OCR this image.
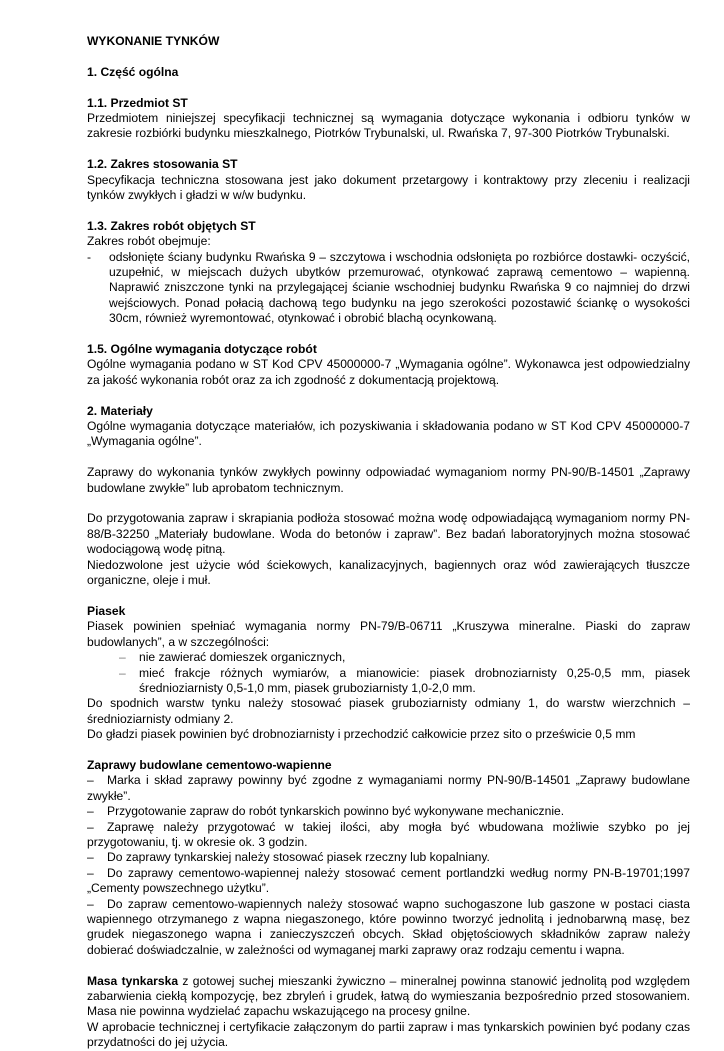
WYKONANIE TYNKÓW

1. Część ogólna

1.1. Przedmiot ST

Przedmiotem niniejszej specyfikacji technicznej są wymagania dotyczące wykonania i odbioru tynków w zakresie rozbiórki budynku mieszkalnego, Piotrków Trybunalski, ul. Rwańska 7, 97-300 Piotrków Trybunalski.

1.2. Zakres stosowania ST

Specyfikacja techniczna stosowana jest jako dokument przetargowy i kontraktowy przy zleceniu i realizacji tynków zwykłych i gładzi w w/w budynku.

1.3. Zakres robót objętych ST

Zakres robót obejmuje:

- odsłonięte ściany budynku Rwańska 9 – szczytowa i wschodnia odsłonięta po rozbiórce dostawki- oczyścić, uzupełnić, w miejscach dużych ubytków przemurować, otynkować zaprawą cementowo – wapienną. Naprawić zniszczone tynki na przylegającej ścianie wschodniej budynku Rwańska 9 co najmniej do drzwi wejściowych. Ponad połacią dachową tego budynku na jego szerokości pozostawić ściankę o wysokości 30cm, również wyremontować, otynkować i obrobić blachą ocynkowaną.

1.5. Ogólne wymagania dotyczące robót

Ogólne wymagania podano w ST Kod CPV 45000000-7 „Wymagania ogólne”. Wykonawca jest odpowiedzialny za jakość wykonania robót oraz za ich zgodność z dokumentacją projektową.

2. Materiały

Ogólne wymagania dotyczące materiałów, ich pozyskiwania i składowania podano w ST Kod CPV 45000000-7 „Wymagania ogólne”.

Zaprawy do wykonania tynków zwykłych powinny odpowiadać wymaganiom normy PN-90/B-14501 „Zaprawy budowlane zwykłe” lub aprobatom technicznym.

Do przygotowania zapraw i skrapiania podłoża stosować można wodę odpowiadającą wymaganiom normy PN-88/B-32250 „Materiały budowlane. Woda do betonów i zapraw”. Bez badań laboratoryjnych można stosować wodociągową wodę pitną.

Niedozwolone jest użycie wód ściekowych, kanalizacyjnych, bagiennych oraz wód zawierających tłuszcze organiczne, oleje i muł.

Piasek

Piasek powinien spełniać wymagania normy PN-79/B-06711 „Kruszywa mineralne. Piaski do zapraw budowlanych”, a w szczególności:

– nie zawierać domieszek organicznych,
– mieć frakcje różnych wymiarów, a mianowicie: piasek drobnoziarnisty 0,25-0,5 mm, piasek średnioziarnisty 0,5-1,0 mm, piasek gruboziarnisty 1,0-2,0 mm.

Do spodnich warstw tynku należy stosować piasek gruboziarnisty odmiany 1, do warstw wierzchnich – średnioziarnisty odmiany 2.

Do gładzi piasek powinien być drobnoziarnisty i przechodzić całkowicie przez sito o prześwicie 0,5 mm

Zaprawy budowlane cementowo-wapienne

– Marka i skład zaprawy powinny być zgodne z wymaganiami normy PN-90/B-14501 „Zaprawy budowlane zwykłe”.

– Przygotowanie zapraw do robót tynkarskich powinno być wykonywane mechanicznie.

– Zaprawę należy przygotować w takiej ilości, aby mogła być wbudowana możliwie szybko po jej przygotowaniu, tj. w okresie ok. 3 godzin.

– Do zaprawy tynkarskiej należy stosować piasek rzeczny lub kopalniany.

– Do zaprawy cementowo-wapiennej należy stosować cement portlandzki według normy PN-B-19701;1997 „Cementy powszechnego użytku”.

– Do zapraw cementowo-wapiennych należy stosować wapno suchogaszone lub gaszone w postaci ciasta wapiennego otrzymanego z wapna niegaszonego, które powinno tworzyć jednolitą i jednobarwną masę, bez grudek niegaszonego wapna i zanieczyszczeń obcych. Skład objętościowych składników zapraw należy dobierać doświadczalnie, w zależności od wymaganej marki zaprawy oraz rodzaju cementu i wapna.

Masa tynkarska z gotowej suchej mieszanki żywiczno – mineralnej powinna stanowić jednolitą pod względem zabarwienia ciekłą kompozycję, bez zbryleń i grudek, łatwą do wymieszania bezpośrednio przed stosowaniem. Masa nie powinna wydzielać zapachu wskazującego na procesy gnilne.

W aprobacie technicznej i certyfikacie załączonym do partii zapraw i mas tynkarskich powinien być podany czas przydatności do jej użycia.
